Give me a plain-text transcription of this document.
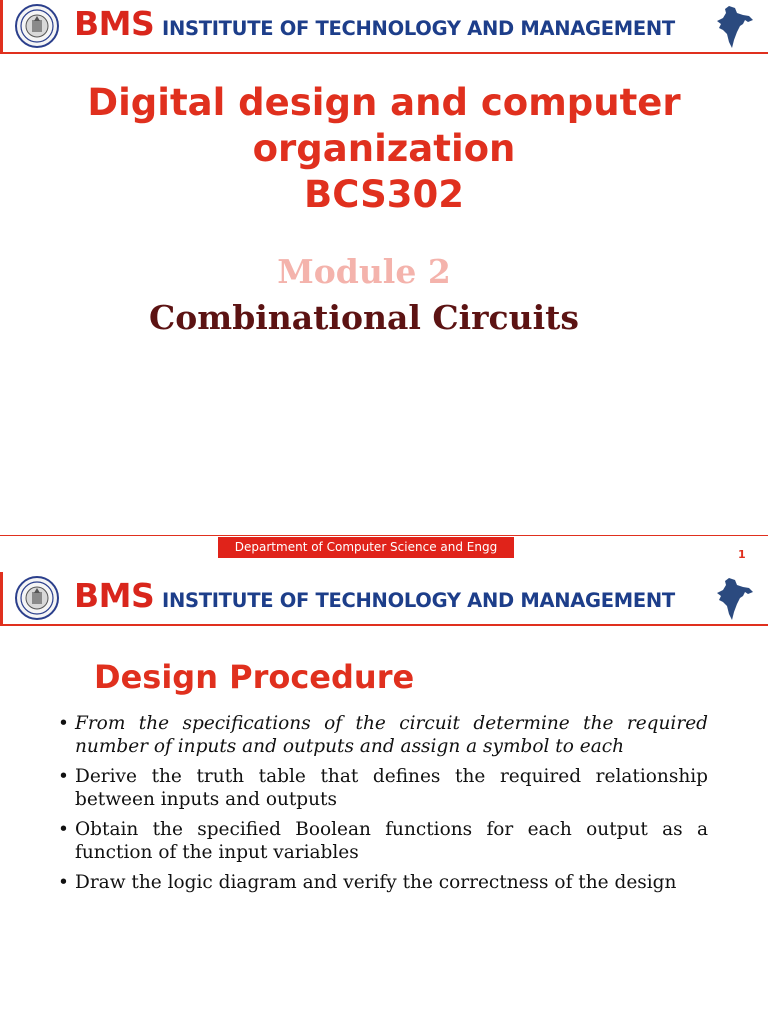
BMS INSTITUTE OF TECHNOLOGY AND MANAGEMENT
Digital design and computer
organization
BCS302
Module 2
Combinational Circuits
Department of Computer Science and Engg
1
BMS INSTITUTE OF TECHNOLOGY AND MANAGEMENT
Design Procedure
• From the specifications of the circuit determine the required number of inputs and outputs and assign a symbol to each
• Derive the truth table that defines the required relationship between inputs and outputs
• Obtain the specified Boolean functions for each output as a function of the input variables
• Draw the logic diagram and verify the correctness of the design
